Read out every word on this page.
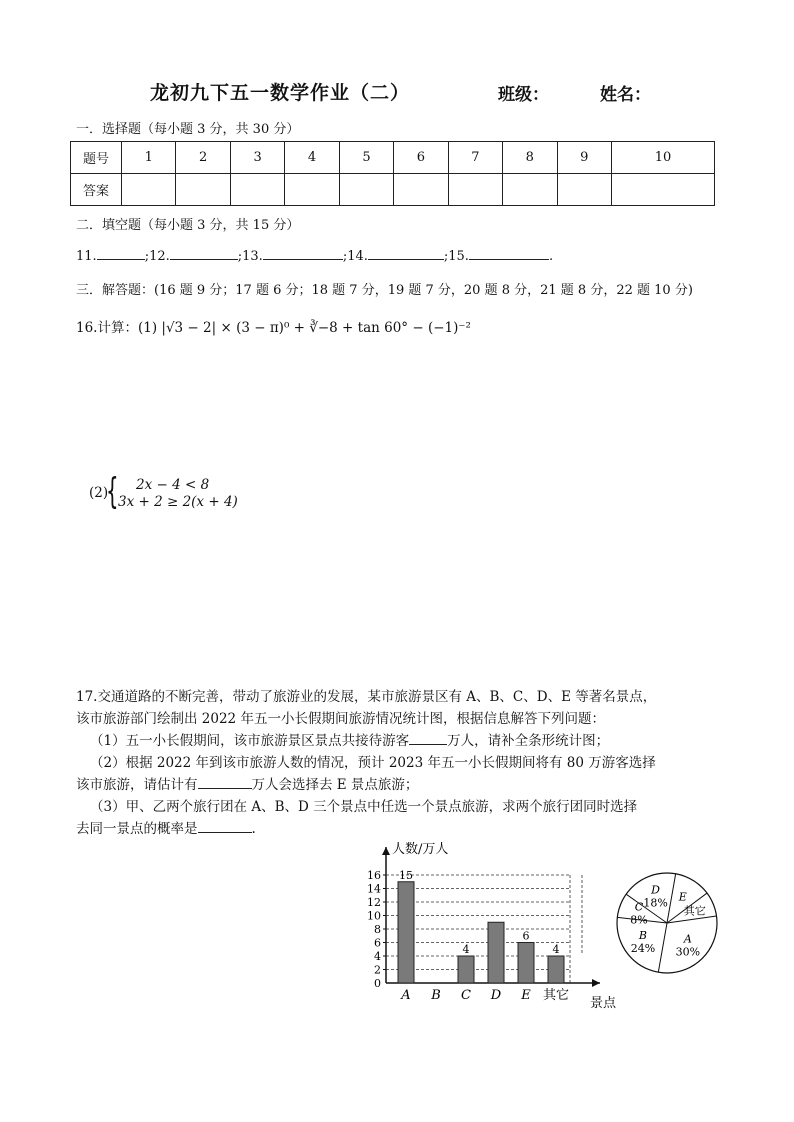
龙初九下五一数学作业（二）	班级：	姓名：
一．选择题（每小题 3 分，共 30 分）
题号	1	2	3	4	5	6	7	8	9	10
答案										
二．填空题（每小题 3 分，共 15 分）
11.	;12.	;13.	;14.	;15.	.
三．解答题：(16 题 9 分；17 题 6 分；18 题 7 分，19 题 7 分，20 题 8 分，21 题 8 分，22 题 10 分)
16.计算：(1) |√3 − 2| × (3 − π)⁰ + ∛−8 + tan 60° − (−1)⁻²
(2)
{ 2x − 4 < 8
3x + 2 ≥ 2(x + 4)

17.交通道路的不断完善，带动了旅游业的发展，某市旅游景区有 A、B、C、D、E 等著名景点，

该市旅游部门绘制出 2022 年五一小长假期间旅游情况统计图，根据信息解答下列问题：

（1）五一小长假期间，该市旅游景区景点共接待游客	万人，请补全条形统计图；

（2）根据 2022 年到该市旅游人数的情况，预计 2023 年五一小长假期间将有 80 万游客选择

该市旅游，请估计有	万人会选择去 E 景点旅游；

（3）甲、乙两个旅行团在 A、B、D 三个景点中任选一个景点旅游，求两个旅行团同时选择

去同一景点的概率是	.

人数/万人
景点
0
2
4
6
8
10
12
14
16
A
15
B C
4
D E
6
其它
4
E
其它
A
30%
B
24%
C
8%
D
18%
